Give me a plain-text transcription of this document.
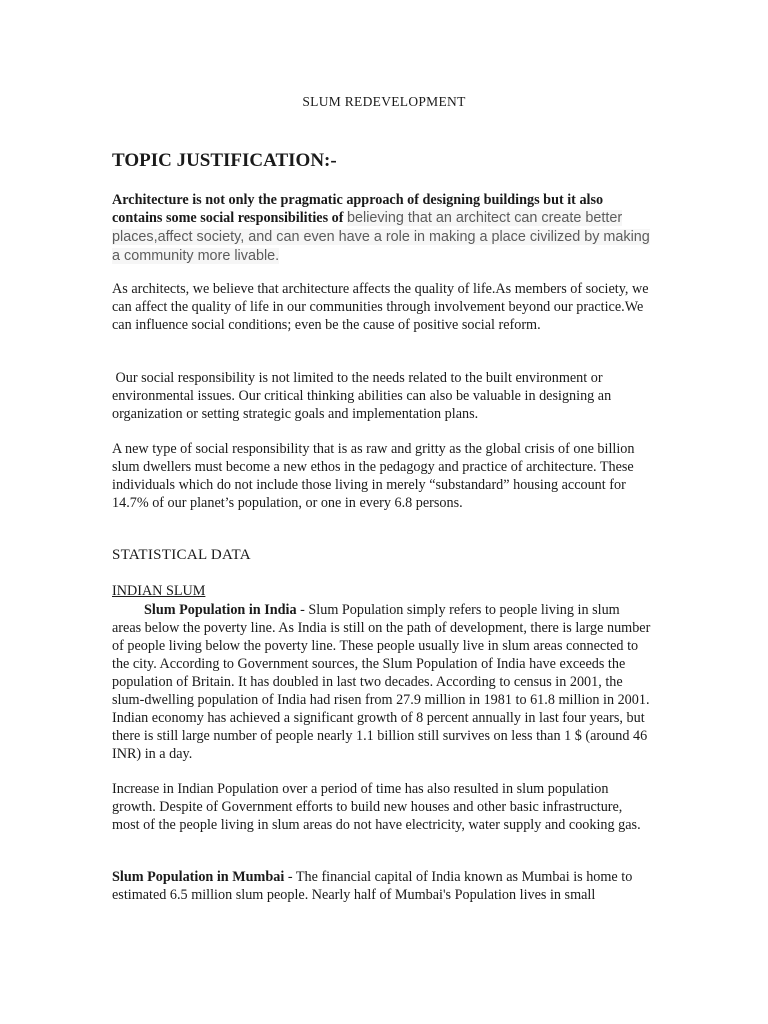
SLUM REDEVELOPMENT
TOPIC JUSTIFICATION:-

Architecture is not only the pragmatic approach of designing buildings but it also contains some social responsibilities of believing that an architect can create better places,affect society, and can even have a role in making a place civilized by making a community more livable.

As architects, we believe that architecture affects the quality of life.As members of society, we can affect the quality of life in our communities through involvement beyond our practice.We can influence social conditions; even be the cause of positive social reform.

Our social responsibility is not limited to the needs related to the built environment or environmental issues. Our critical thinking abilities can also be valuable in designing an organization or setting strategic goals and implementation plans.

A new type of social responsibility that is as raw and gritty as the global crisis of one billion slum dwellers must become a new ethos in the pedagogy and practice of architecture. These individuals which do not include those living in merely “substandard” housing account for 14.7% of our planet’s population, or one in every 6.8 persons.

STATISTICAL DATA

INDIAN SLUM

Slum Population in India - Slum Population simply refers to people living in slum areas below the poverty line. As India is still on the path of development, there is large number of people living below the poverty line. These people usually live in slum areas connected to the city. According to Government sources, the Slum Population of India have exceeds the population of Britain. It has doubled in last two decades. According to census in 2001, the slum-dwelling population of India had risen from 27.9 million in 1981 to 61.8 million in 2001. Indian economy has achieved a significant growth of 8 percent annually in last four years, but there is still large number of people nearly 1.1 billion still survives on less than 1 $ (around 46 INR) in a day.

Increase in Indian Population over a period of time has also resulted in slum population growth. Despite of Government efforts to build new houses and other basic infrastructure, most of the people living in slum areas do not have electricity, water supply and cooking gas.

Slum Population in Mumbai - The financial capital of India known as Mumbai is home to estimated 6.5 million slum people. Nearly half of Mumbai's Population lives in small
